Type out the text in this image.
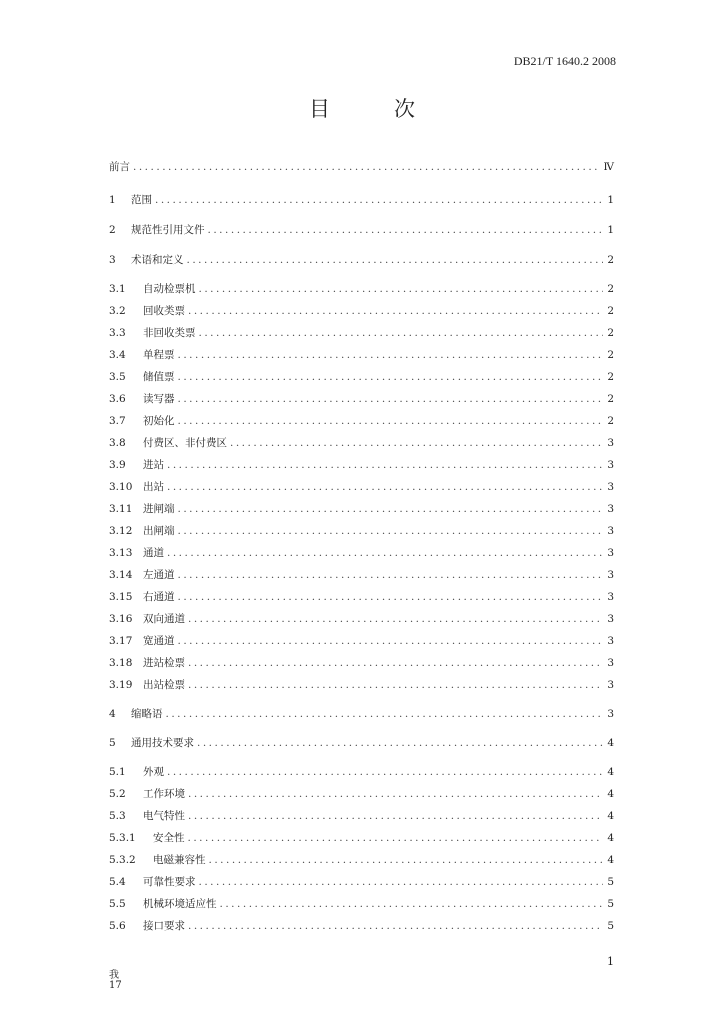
DB21/T 1640.2 2008
目	次
前言 .....	Ⅳ
1	范围 .....	1
2	规范性引用文件 .....	1
3	术语和定义 .....	2
3.1	自动检票机 .....	2
3.2	回收类票 .....	2
3.3	非回收类票 .....	2
3.4	单程票 .....	2
3.5	储值票 .....	2
3.6	读写器 .....	2
3.7	初始化 .....	2
3.8	付费区、非付费区 .....	3
3.9	进站 .....	3
3.10	出站 .....	3
3.11	进闸端 .....	3
3.12	出闸端 .....	3
3.13	通道 .....	3
3.14	左通道 .....	3
3.15	右通道 .....	3
3.16	双向通道 .....	3
3.17	宽通道 .....	3
3.18	进站检票 .....	3
3.19	出站检票 .....	3
4	缩略语 .....	3
5	通用技术要求 .....	4
5.1	外观 .....	4
5.2	工作环境 .....	4
5.3	电气特性 .....	4
5.3.1	安全性 .....	4
5.3.2	电磁兼容性 .....	4
5.4	可靠性要求 .....	5
5.5	机械环境适应性 .....	5
5.6	接口要求 .....	5
1
我
17
